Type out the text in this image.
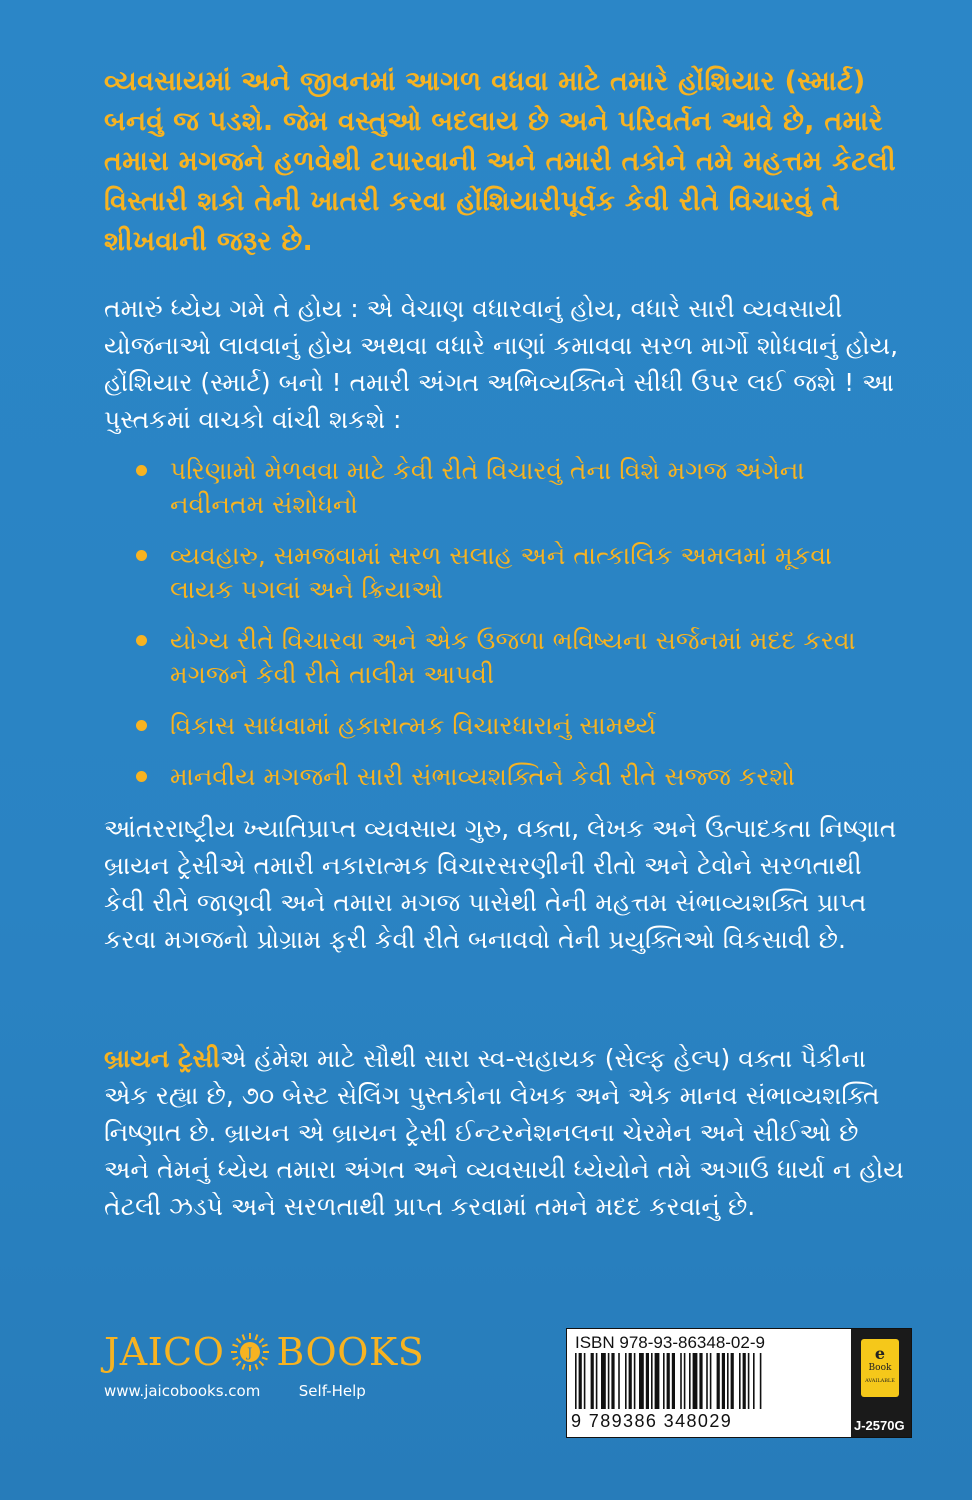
વ્યવસાયમાં અને જીવનમાં આગળ વધવા માટે તમારે હોંશિયાર (સ્માર્ટ) બનવું જ પડશે. જેમ વસ્તુઓ બદલાય છે અને પરિવર્તન આવે છે, તમારે તમારા મગજને હળવેથી ટપારવાની અને તમારી તકોને તમે મહત્તમ કેટલી વિસ્તારી શકો તેની ખાતરી કરવા હોંશિયારીપૂર્વક કેવી રીતે વિચારવું તે શીખવાની જરૂર છે.

તમારું ધ્યેય ગમે તે હોય : એ વેચાણ વધારવાનું હોય, વધારે સારી વ્યવસાયી યોજનાઓ લાવવાનું હોય અથવા વધારે નાણાં કમાવવા સરળ માર્ગો શોધવાનું હોય, હોંશિયાર (સ્માર્ટ) બનો ! તમારી અંગત અભિવ્યક્તિને સીધી ઉપર લઈ જશે ! આ પુસ્તકમાં વાચકો વાંચી શકશે :

પરિણામો મેળવવા માટે કેવી રીતે વિચારવું તેના વિશે મગજ અંગેના નવીનતમ સંશોધનો
વ્યવહારુ, સમજવામાં સરળ સલાહ અને તાત્કાલિક અમલમાં મૂકવા લાયક પગલાં અને ક્રિયાઓ
યોગ્ય રીતે વિચારવા અને એક ઉજળા ભવિષ્યના સર્જનમાં મદદ કરવા મગજને કેવી રીતે તાલીમ આપવી
વિકાસ સાધવામાં હકારાત્મક વિચારધારાનું સામર્થ્ય
માનવીય મગજની સારી સંભાવ્યશક્તિને કેવી રીતે સજ્જ કરશો

આંતરરાષ્ટ્રીય ખ્યાતિપ્રાપ્ત વ્યવસાય ગુરુ, વક્તા, લેખક અને ઉત્પાદકતા નિષ્ણાત બ્રાયન ટ્રેસીએ તમારી નકારાત્મક વિચારસરણીની રીતો અને ટેવોને સરળતાથી કેવી રીતે જાણવી અને તમારા મગજ પાસેથી તેની મહત્તમ સંભાવ્યશક્તિ પ્રાપ્ત કરવા મગજનો પ્રોગ્રામ ફરી કેવી રીતે બનાવવો તેની પ્રયુક્તિઓ વિકસાવી છે.

બ્રાયન ટ્રેસીએ હંમેશ માટે સૌથી સારા સ્વ-સહાયક (સેલ્ફ હેલ્પ) વક્તા પૈકીના એક રહ્યા છે, ૭૦ બેસ્ટ સેલિંગ પુસ્તકોના લેખક અને એક માનવ સંભાવ્યશક્તિ નિષ્ણાત છે. બ્રાયન એ બ્રાયન ટ્રેસી ઈન્ટરનેશનલના ચેરમેન અને સીઈઓ છે અને તેમનું ધ્યેય તમારા અંગત અને વ્યવસાયી ધ્યેયોને તમે અગાઉ ધાર્યા ન હોય તેટલી ઝડપે અને સરળતાથી પ્રાપ્ત કરવામાં તમને મદદ કરવાનું છે.

JAICO J BOOKS
www.jaicobooks.com	Self-Help
ISBN 978-93-86348-02-9
9 789386 348029
e
Book
AVAILABLE
J-2570G
